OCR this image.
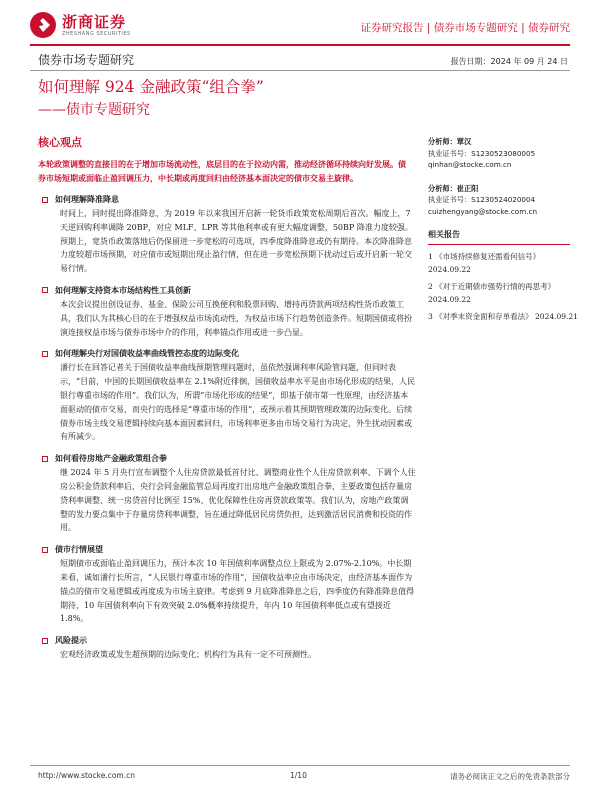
浙商证券
ZHESHANG SECURITIES	证券研究报告 | 债券市场专题研究 | 债券研究
债券市场专题研究	报告日期：2024 年 09 月 24 日
如何理解 924 金融政策“组合拳”
——债市专题研究
核心观点
本轮政策调整的直接目的在于增加市场流动性，底层目的在于拉动内需，推动经济循环持续向好发展。债券市场短期或面临止盈回调压力，中长期或再度回归由经济基本面决定的债市交易主旋律。
如何理解降准降息
时间上，同时提出降准降息，为 2019 年以来我国开启新一轮货币政策宽松周期后首次。幅度上，7 天逆回购利率调降 20BP，对应 MLF、LPR 等其他利率或有更大幅度调整，50BP 降准力度较强。预期上，宽货币政策落地后仍保留进一步宽松的可选项，四季度降准降息或仍有期待。本次降准降息力度较超市场预期，对应债市或短期出现止盈行情，但在进一步宽松预期下扰动过后或开启新一轮交易行情。
如何理解支持资本市场结构性工具创新
本次会议提出创设证券、基金、保险公司互换便利和股票回购、增持再贷款两项结构性货币政策工具，我们认为其核心目的在于增强权益市场流动性，为权益市场下行趋势创造条件。短期国债或将扮演连接权益市场与债券市场中介的作用，利率锚点作用或进一步凸显。
如何理解央行对国债收益率曲线管控态度的边际变化
潘行长在回答记者关于国债收益率曲线预期管理问题时，虽依然强调利率风险管问题，但同时表示，“目前，中国的长期国债收益率在 2.1%附近徘徊，国债收益率水平是由市场化形成的结果，人民银行尊重市场的作用”。我们认为，所谓“市场化形成的结果”，即基于债市第一性原理，由经济基本面驱动的债市交易，而央行的选择是“尊重市场的作用”，或预示着其预期管理政策的边际变化。后续债券市场主线交易逻辑持续向基本面因素回归，市场利率更多由市场交易行为决定，外生扰动因素或有所减少。
如何看待房地产金融政策组合拳
继 2024 年 5 月央行宣布调整个人住房贷款最低首付比、调整商业性个人住房贷款利率、下调个人住房公积金贷款利率后，央行会同金融监管总局再度打出房地产金融政策组合拳，主要政策包括存量房贷利率调整、统一房贷首付比例至 15%、优化保障性住房再贷款政策等。我们认为，房地产政策调整的发力要点集中于存量房贷利率调整，旨在通过降低居民房贷负担，达到激活居民消费和投资的作用。
债市行情展望
短期债市或面临止盈回调压力，预计本次 10 年国债利率调整点位上限或为 2.07%-2.10%。中长期来看，诚如潘行长所言，“人民银行尊重市场的作用”，国债收益率应由市场决定，由经济基本面作为锚点的债市交易逻辑或再度成为市场主旋律。考虑到 9 月底降准降息之后，四季度仍有降准降息值得期待，10 年国债利率向下有效突破 2.0%概率持续提升，年内 10 年国债利率低点或有望接近 1.8%。
风险提示
宏观经济政策或发生超预期的边际变化；机构行为具有一定不可预测性。
分析师：覃汉
执业证书号：S1230523080005
qinhan@stocke.com.cn
分析师：崔正阳
执业证书号：S1230524020004
cuizhengyang@stocke.com.cn
相关报告
1 《市场持续修复还需看何信号》 2024.09.22
2 《对于近期债市强势行情的再思考》 2024.09.22
3 《对季末资金面和存单看法》 2024.09.21
http://www.stocke.com.cn	1/10	请务必阅读正文之后的免责条款部分
